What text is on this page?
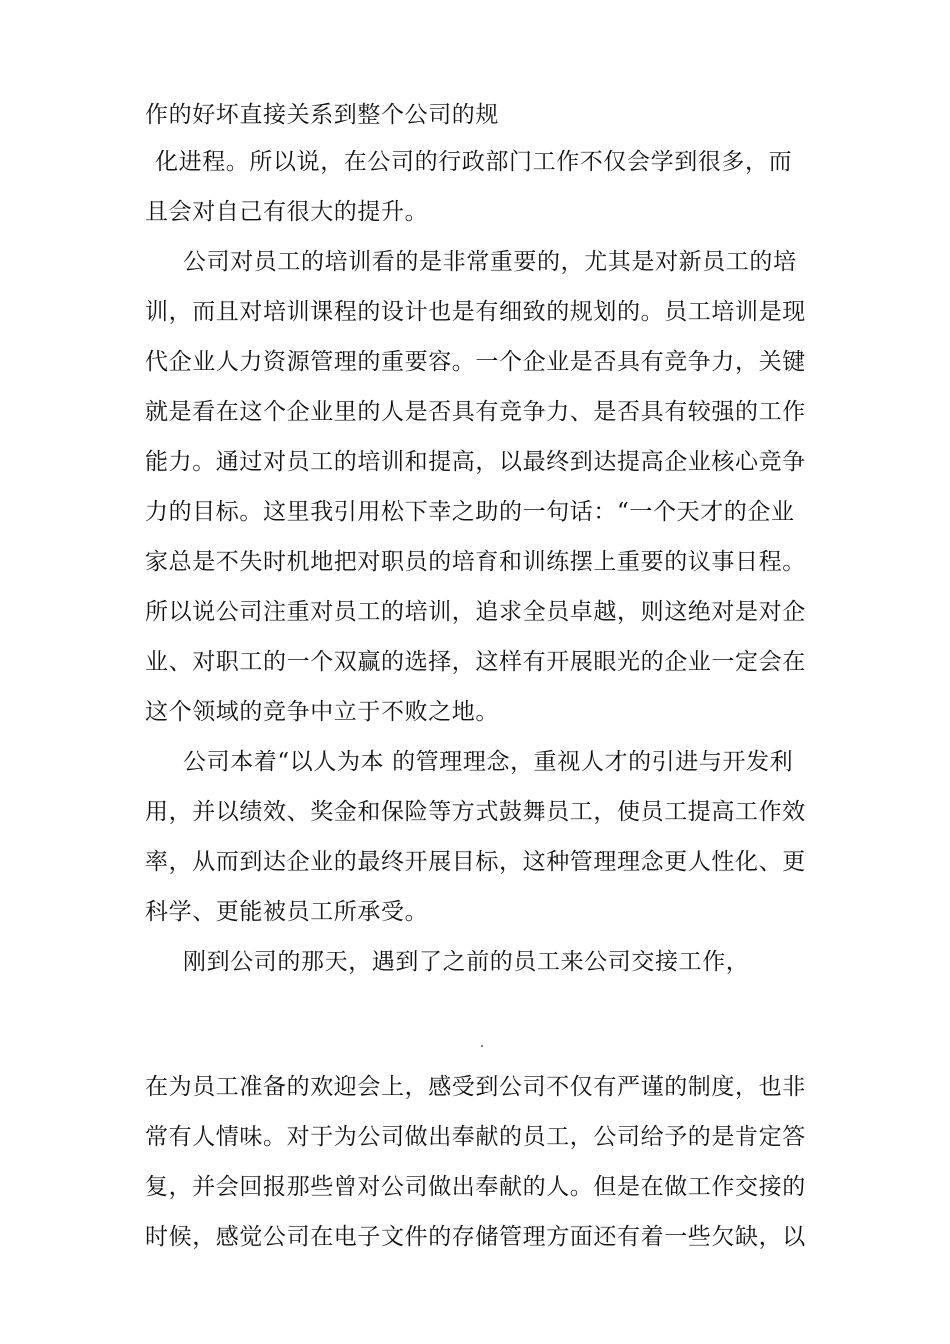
作的好坏直接关系到整个公司的规
化进程。所以说，在公司的行政部门工作不仅会学到很多，而
且会对自己有很大的提升。
公司对员工的培训看的是非常重要的，尤其是对新员工的培
训，而且对培训课程的设计也是有细致的规划的。员工培训是现
代企业人力资源管理的重要容。一个企业是否具有竞争力，关键
就是看在这个企业里的人是否具有竞争力、是否具有较强的工作
能力。通过对员工的培训和提高，以最终到达提高企业核心竞争
力的目标。这里我引用松下幸之助的一句话：“一个天才的企业
家总是不失时机地把对职员的培育和训练摆上重要的议事日程。
所以说公司注重对员工的培训，追求全员卓越，则这绝对是对企
业、对职工的一个双赢的选择，这样有开展眼光的企业一定会在
这个领域的竞争中立于不败之地。
公司本着“以人为本 的管理理念，重视人才的引进与开发利
用，并以绩效、奖金和保险等方式鼓舞员工，使员工提高工作效
率，从而到达企业的最终开展目标，这种管理理念更人性化、更
科学、更能被员工所承受。
刚到公司的那天，遇到了之前的员工来公司交接工作，
在为员工准备的欢迎会上，感受到公司不仅有严谨的制度，也非
常有人情味。对于为公司做出奉献的员工，公司给予的是肯定答
复，并会回报那些曾对公司做出奉献的人。但是在做工作交接的
时候，感觉公司在电子文件的存储管理方面还有着一些欠缺，以
